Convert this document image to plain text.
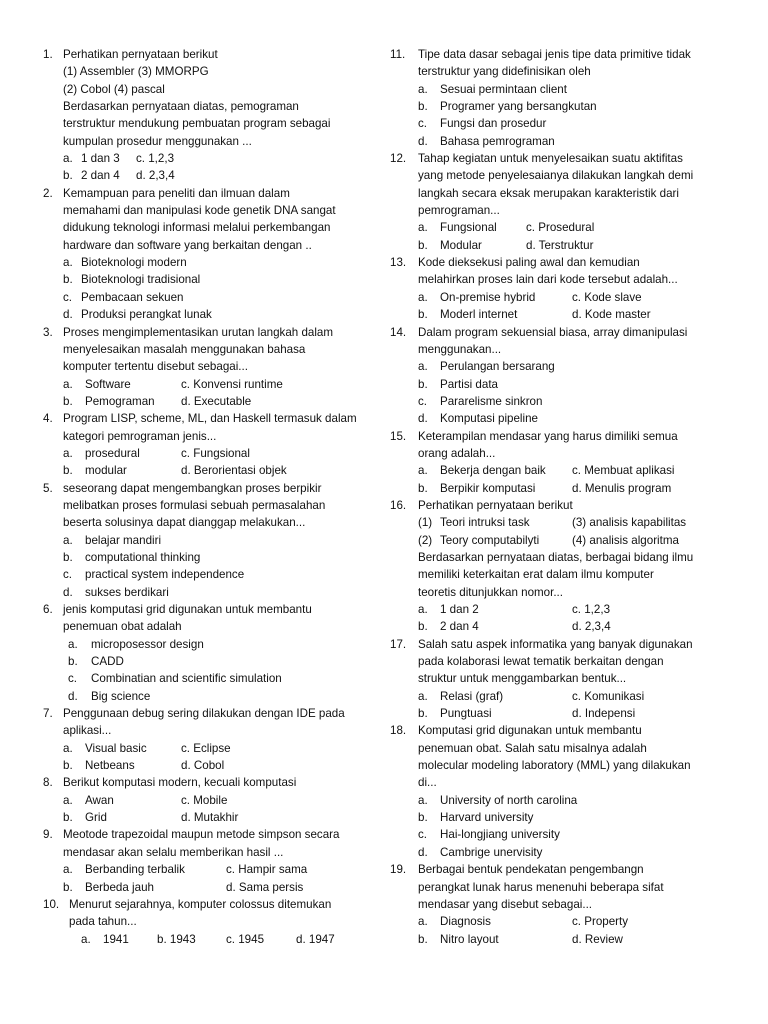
1. Perhatikan pernyataan berikut
(1) Assembler (3) MMORPG
(2) Cobol (4) pascal
Berdasarkan pernyataan diatas, pemograman
terstruktur mendukung pembuatan program sebagai
kumpulan prosedur menggunakan ...
a. 1 dan 3 c. 1,2,3
b. 2 dan 4 d. 2,3,4
2. Kemampuan para peneliti dan ilmuan dalam
memahami dan manipulasi kode genetik DNA sangat
didukung teknologi informasi melalui perkembangan
hardware dan software yang berkaitan dengan ..
a. Bioteknologi modern
b. Bioteknologi tradisional
c. Pembacaan sekuen
d. Produksi perangkat lunak
3. Proses mengimplementasikan urutan langkah dalam
menyelesaikan masalah menggunakan bahasa
komputer tertentu disebut sebagai...
a. Software	c. Konvensi runtime
b. Pemograman d. Executable
4. Program LISP, scheme, ML, dan Haskell termasuk dalam
kategori pemrograman jenis...
a. prosedural	c. Fungsional
b. modular	d. Berorientasi objek
5. seseorang dapat mengembangkan proses berpikir
melibatkan proses formulasi sebuah permasalahan
beserta solusinya dapat dianggap melakukan...
a. belajar mandiri
b. computational thinking
c. practical system independence
d. sukses berdikari
6. jenis komputasi grid digunakan untuk membantu
penemuan obat adalah
a. microposessor design
b. CADD
c. Combinatian and scientific simulation
d. Big science
7. Penggunaan debug sering dilakukan dengan IDE pada
aplikasi...
a. Visual basic	c. Eclipse
b. Netbeans	d. Cobol
8. Berikut komputasi modern, kecuali komputasi
a. Awan	c. Mobile
b. Grid	d. Mutakhir
9. Meotode trapezoidal maupun metode simpson secara
mendasar akan selalu memberikan hasil ...
a. Berbanding terbalik	c. Hampir sama
b. Berbeda jauh	d. Sama persis
10. Menurut sejarahnya, komputer colossus ditemukan
pada tahun...
a. 1941 b. 1943	c. 1945	d. 1947
11. Tipe data dasar sebagai jenis tipe data primitive tidak
terstruktur yang didefinisikan oleh
a. Sesuai permintaan client
b. Programer yang bersangkutan
c. Fungsi dan prosedur
d. Bahasa pemrograman
12. Tahap kegiatan untuk menyelesaikan suatu aktifitas
yang metode penyelesaianya dilakukan langkah demi
langkah secara eksak merupakan karakteristik dari
pemrograman...
a. Fungsional	c. Prosedural
b. Modular	d. Terstruktur
13. Kode dieksekusi paling awal dan kemudian
melahirkan proses lain dari kode tersebut adalah...
a. On-premise hybrid	c. Kode slave
b. Moderl internet	d. Kode master
14. Dalam program sekuensial biasa, array dimanipulasi
menggunakan...
a. Perulangan bersarang
b. Partisi data
c. Pararelisme sinkron
d. Komputasi pipeline
15. Keterampilan mendasar yang harus dimiliki semua
orang adalah...
a. Bekerja dengan baik c. Membuat aplikasi
b. Berpikir komputasi	d. Menulis program
16. Perhatikan pernyataan berikut
(1) Teori intruksi task	(3) analisis kapabilitas
(2) Teory computabilyti	(4) analisis algoritma
Berdasarkan pernyataan diatas, berbagai bidang ilmu
memiliki keterkaitan erat dalam ilmu komputer
teoretis ditunjukkan nomor...
a. 1 dan 2	c. 1,2,3
b. 2 dan 4	d. 2,3,4
17. Salah satu aspek informatika yang banyak digunakan
pada kolaborasi lewat tematik berkaitan dengan
struktur untuk menggambarkan bentuk...
a. Relasi (graf)	c. Komunikasi
b. Pungtuasi	d. Indepensi
18. Komputasi grid digunakan untuk membantu
penemuan obat. Salah satu misalnya adalah
molecular modeling laboratory (MML) yang dilakukan
di...
a. University of north carolina
b. Harvard university
c. Hai-longjiang university
d. Cambrige unervisity
19. Berbagai bentuk pendekatan pengembangn
perangkat lunak harus menenuhi beberapa sifat
mendasar yang disebut sebagai...
a. Diagnosis	c. Property
b. Nitro layout	d. Review
